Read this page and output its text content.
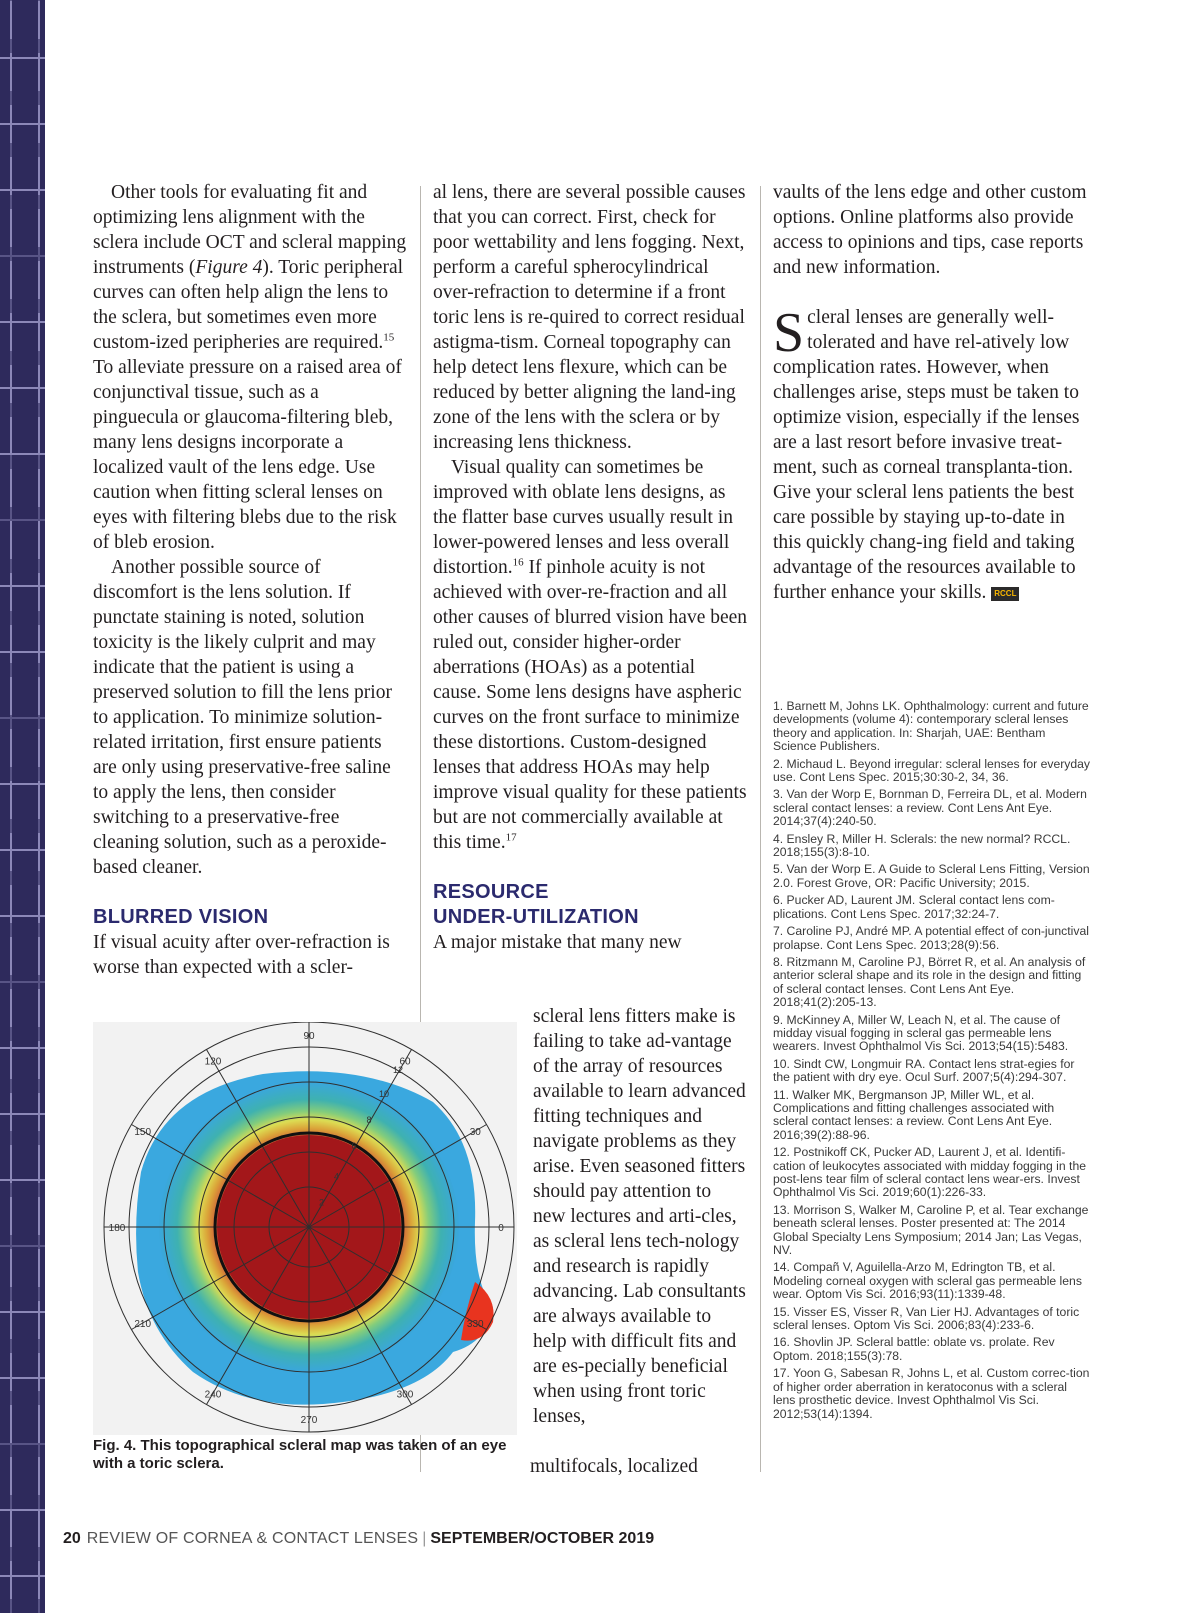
Other tools for evaluating fit and optimizing lens alignment with the sclera include OCT and scleral mapping instruments (Figure 4). Toric peripheral curves can often help align the lens to the sclera, but sometimes even more custom-ized peripheries are required.$^{15}$ To alleviate pressure on a raised area of conjunctival tissue, such as a pinguecula or glaucoma-filtering bleb, many lens designs incorporate a localized vault of the lens edge. Use caution when fitting scleral lenses on eyes with filtering blebs due to the risk of bleb erosion.

Another possible source of discomfort is the lens solution. If punctate staining is noted, solution toxicity is the likely culprit and may indicate that the patient is using a preserved solution to fill the lens prior to application. To minimize solution-related irritation, first ensure patients are only using preservative-free saline to apply the lens, then consider switching to a preservative-free cleaning solution, such as a peroxide-based cleaner.

BLURRED VISION

If visual acuity after over-refraction is worse than expected with a scler-

al lens, there are several possible causes that you can correct. First, check for poor wettability and lens fogging. Next, perform a careful spherocylindrical over-refraction to determine if a front toric lens is re-quired to correct residual astigma-tism. Corneal topography can help detect lens flexure, which can be reduced by better aligning the land-ing zone of the lens with the sclera or by increasing lens thickness.

Visual quality can sometimes be improved with oblate lens designs, as the flatter base curves usually result in lower-powered lenses and less overall distortion.$^{16}$ If pinhole acuity is not achieved with over-re-fraction and all other causes of blurred vision have been ruled out, consider higher-order aberrations (HOAs) as a potential cause. Some lens designs have aspheric curves on the front surface to minimize these distortions. Custom-designed lenses that address HOAs may help improve visual quality for these patients but are not commercially available at this time.$^{17}$

RESOURCE
UNDER-UTILIZATION

A major mistake that many new

scleral lens fitters make is failing to take ad-vantage of the array of resources available to learn advanced fitting techniques and navigate problems as they arise. Even seasoned fitters should pay attention to new lectures and arti-cles, as scleral lens tech-nology and research is rapidly advancing. Lab consultants are always available to help with difficult fits and are es-pecially beneficial when using front toric lenses,

multifocals, localized

vaults of the lens edge and other custom options. Online platforms also provide access to opinions and tips, case reports and new information.

Scleral lenses are generally well-tolerated and have rel-atively low complication rates. However, when challenges arise, steps must be taken to optimize vision, especially if the lenses are a last resort before invasive treat-ment, such as corneal transplanta-tion. Give your scleral lens patients the best care possible by staying up-to-date in this quickly chang-ing field and taking advantage of the resources available to further enhance your skills. RCCL

1. Barnett M, Johns LK. Ophthalmology: current and future developments (volume 4): contemporary scleral lenses theory and application. In: Sharjah, UAE: Bentham Science Publishers.
2. Michaud L. Beyond irregular: scleral lenses for everyday use. Cont Lens Spec. 2015;30:30-2, 34, 36.
3. Van der Worp E, Bornman D, Ferreira DL, et al. Modern scleral contact lenses: a review. Cont Lens Ant Eye. 2014;37(4):240-50.
4. Ensley R, Miller H. Sclerals: the new normal? RCCL. 2018;155(3):8-10.
5. Van der Worp E. A Guide to Scleral Lens Fitting, Version 2.0. Forest Grove, OR: Pacific University; 2015.
6. Pucker AD, Laurent JM. Scleral contact lens com-plications. Cont Lens Spec. 2017;32:24-7.
7. Caroline PJ, André MP. A potential effect of con-junctival prolapse. Cont Lens Spec. 2013;28(9):56.
8. Ritzmann M, Caroline PJ, Börret R, et al. An analysis of anterior scleral shape and its role in the design and fitting of scleral contact lenses. Cont Lens Ant Eye. 2018;41(2):205-13.
9. McKinney A, Miller W, Leach N, et al. The cause of midday visual fogging in scleral gas permeable lens wearers. Invest Ophthalmol Vis Sci. 2013;54(15):5483.
10. Sindt CW, Longmuir RA. Contact lens strat-egies for the patient with dry eye. Ocul Surf. 2007;5(4):294-307.
11. Walker MK, Bergmanson JP, Miller WL, et al. Complications and fitting challenges associated with scleral contact lenses: a review. Cont Lens Ant Eye. 2016;39(2):88-96.
12. Postnikoff CK, Pucker AD, Laurent J, et al. Identifi-cation of leukocytes associated with midday fogging in the post-lens tear film of scleral contact lens wear-ers. Invest Ophthalmol Vis Sci. 2019;60(1):226-33.
13. Morrison S, Walker M, Caroline P, et al. Tear exchange beneath scleral lenses. Poster presented at: The 2014 Global Specialty Lens Symposium; 2014 Jan; Las Vegas, NV.
14. Compañ V, Aguilella-Arzo M, Edrington TB, et al. Modeling corneal oxygen with scleral gas permeable lens wear. Optom Vis Sci. 2016;93(11):1339-48.
15. Visser ES, Visser R, Van Lier HJ. Advantages of toric scleral lenses. Optom Vis Sci. 2006;83(4):233-6.
16. Shovlin JP. Scleral battle: oblate vs. prolate. Rev Optom. 2018;155(3):78.
17. Yoon G, Sabesan R, Johns L, et al. Custom correc-tion of higher order aberration in keratoconus with a scleral lens prosthetic device. Invest Ophthalmol Vis Sci. 2012;53(14):1394.
90
60
30
0
330
300
270
240
210
180
150
120
2
4
6
8
10
12
Fig. 4. This topographical scleral map was taken of an eye with a toric sclera.
20 REVIEW OF CORNEA & CONTACT LENSES | SEPTEMBER/OCTOBER 2019
